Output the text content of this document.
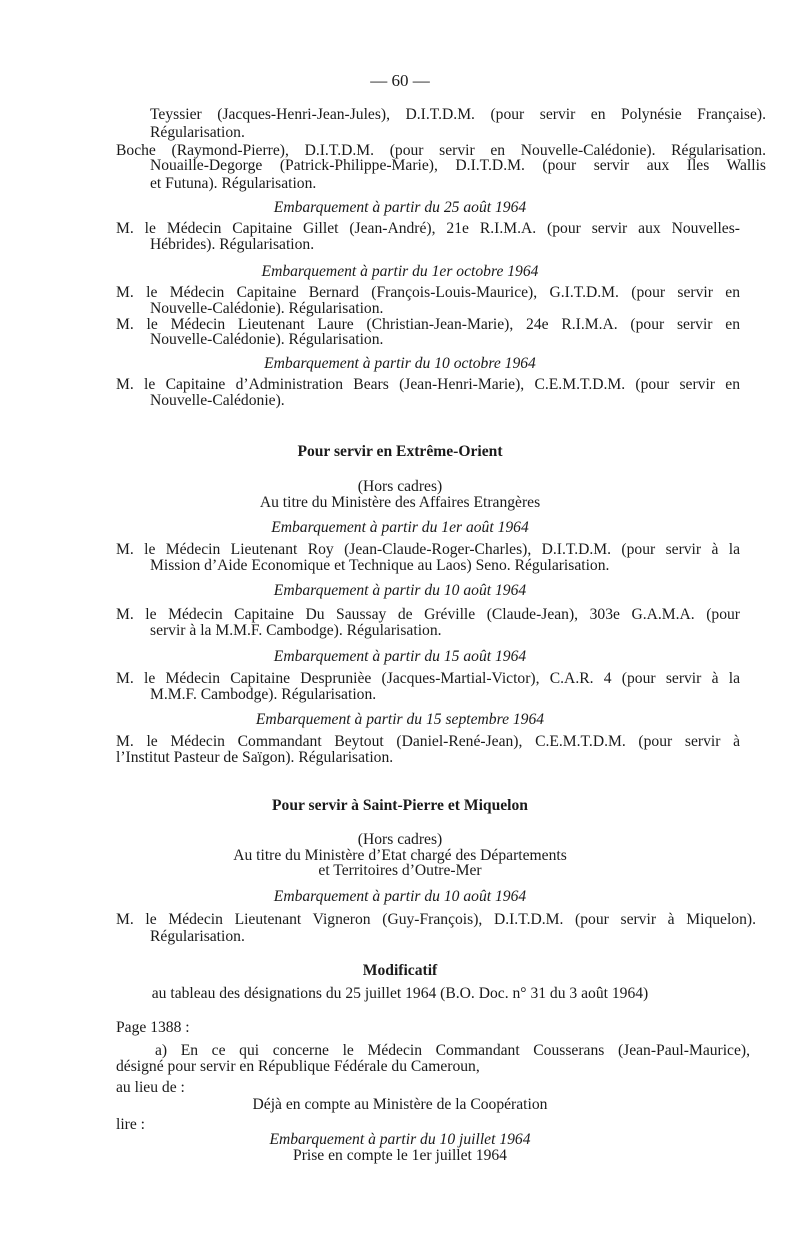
— 60 —
Teyssier (Jacques-Henri-Jean-Jules), D.I.T.D.M. (pour servir en Polynésie Française).
Régularisation.
Boche (Raymond-Pierre), D.I.T.D.M. (pour servir en Nouvelle-Calédonie). Régularisation.
Nouaille-Degorge (Patrick-Philippe-Marie), D.I.T.D.M. (pour servir aux Iles Wallis
et Futuna). Régularisation.
Embarquement à partir du 25 août 1964
M. le Médecin Capitaine Gillet (Jean-André), 21e R.I.M.A. (pour servir aux Nouvelles-
Hébrides). Régularisation.
Embarquement à partir du 1er octobre 1964
M. le Médecin Capitaine Bernard (François-Louis-Maurice), G.I.T.D.M. (pour servir en
Nouvelle-Calédonie). Régularisation.
M. le Médecin Lieutenant Laure (Christian-Jean-Marie), 24e R.I.M.A. (pour servir en
Nouvelle-Calédonie). Régularisation.
Embarquement à partir du 10 octobre 1964
M. le Capitaine d’Administration Bears (Jean-Henri-Marie), C.E.M.T.D.M. (pour servir en
Nouvelle-Calédonie).
Pour servir en Extrême-Orient
(Hors cadres)
Au titre du Ministère des Affaires Etrangères
Embarquement à partir du 1er août 1964
M. le Médecin Lieutenant Roy (Jean-Claude-Roger-Charles), D.I.T.D.M. (pour servir à la
Mission d’Aide Economique et Technique au Laos) Seno. Régularisation.
Embarquement à partir du 10 août 1964
M. le Médecin Capitaine Du Saussay de Gréville (Claude-Jean), 303e G.A.M.A. (pour
servir à la M.M.F. Cambodge). Régularisation.
Embarquement à partir du 15 août 1964
M. le Médecin Capitaine Desprunièe (Jacques-Martial-Victor), C.A.R. 4 (pour servir à la
M.M.F. Cambodge). Régularisation.
Embarquement à partir du 15 septembre 1964
M. le Médecin Commandant Beytout (Daniel-René-Jean), C.E.M.T.D.M. (pour servir à
l’Institut Pasteur de Saïgon). Régularisation.
Pour servir à Saint-Pierre et Miquelon
(Hors cadres)
Au titre du Ministère d’Etat chargé des Départements
et Territoires d’Outre-Mer
Embarquement à partir du 10 août 1964
M. le Médecin Lieutenant Vigneron (Guy-François), D.I.T.D.M. (pour servir à Miquelon).
Régularisation.
Modificatif
au tableau des désignations du 25 juillet 1964 (B.O. Doc. n° 31 du 3 août 1964)
Page 1388 :
a) En ce qui concerne le Médecin Commandant Cousserans (Jean-Paul-Maurice),
désigné pour servir en République Fédérale du Cameroun,
au lieu de :
Déjà en compte au Ministère de la Coopération
lire :
Embarquement à partir du 10 juillet 1964
Prise en compte le 1er juillet 1964
